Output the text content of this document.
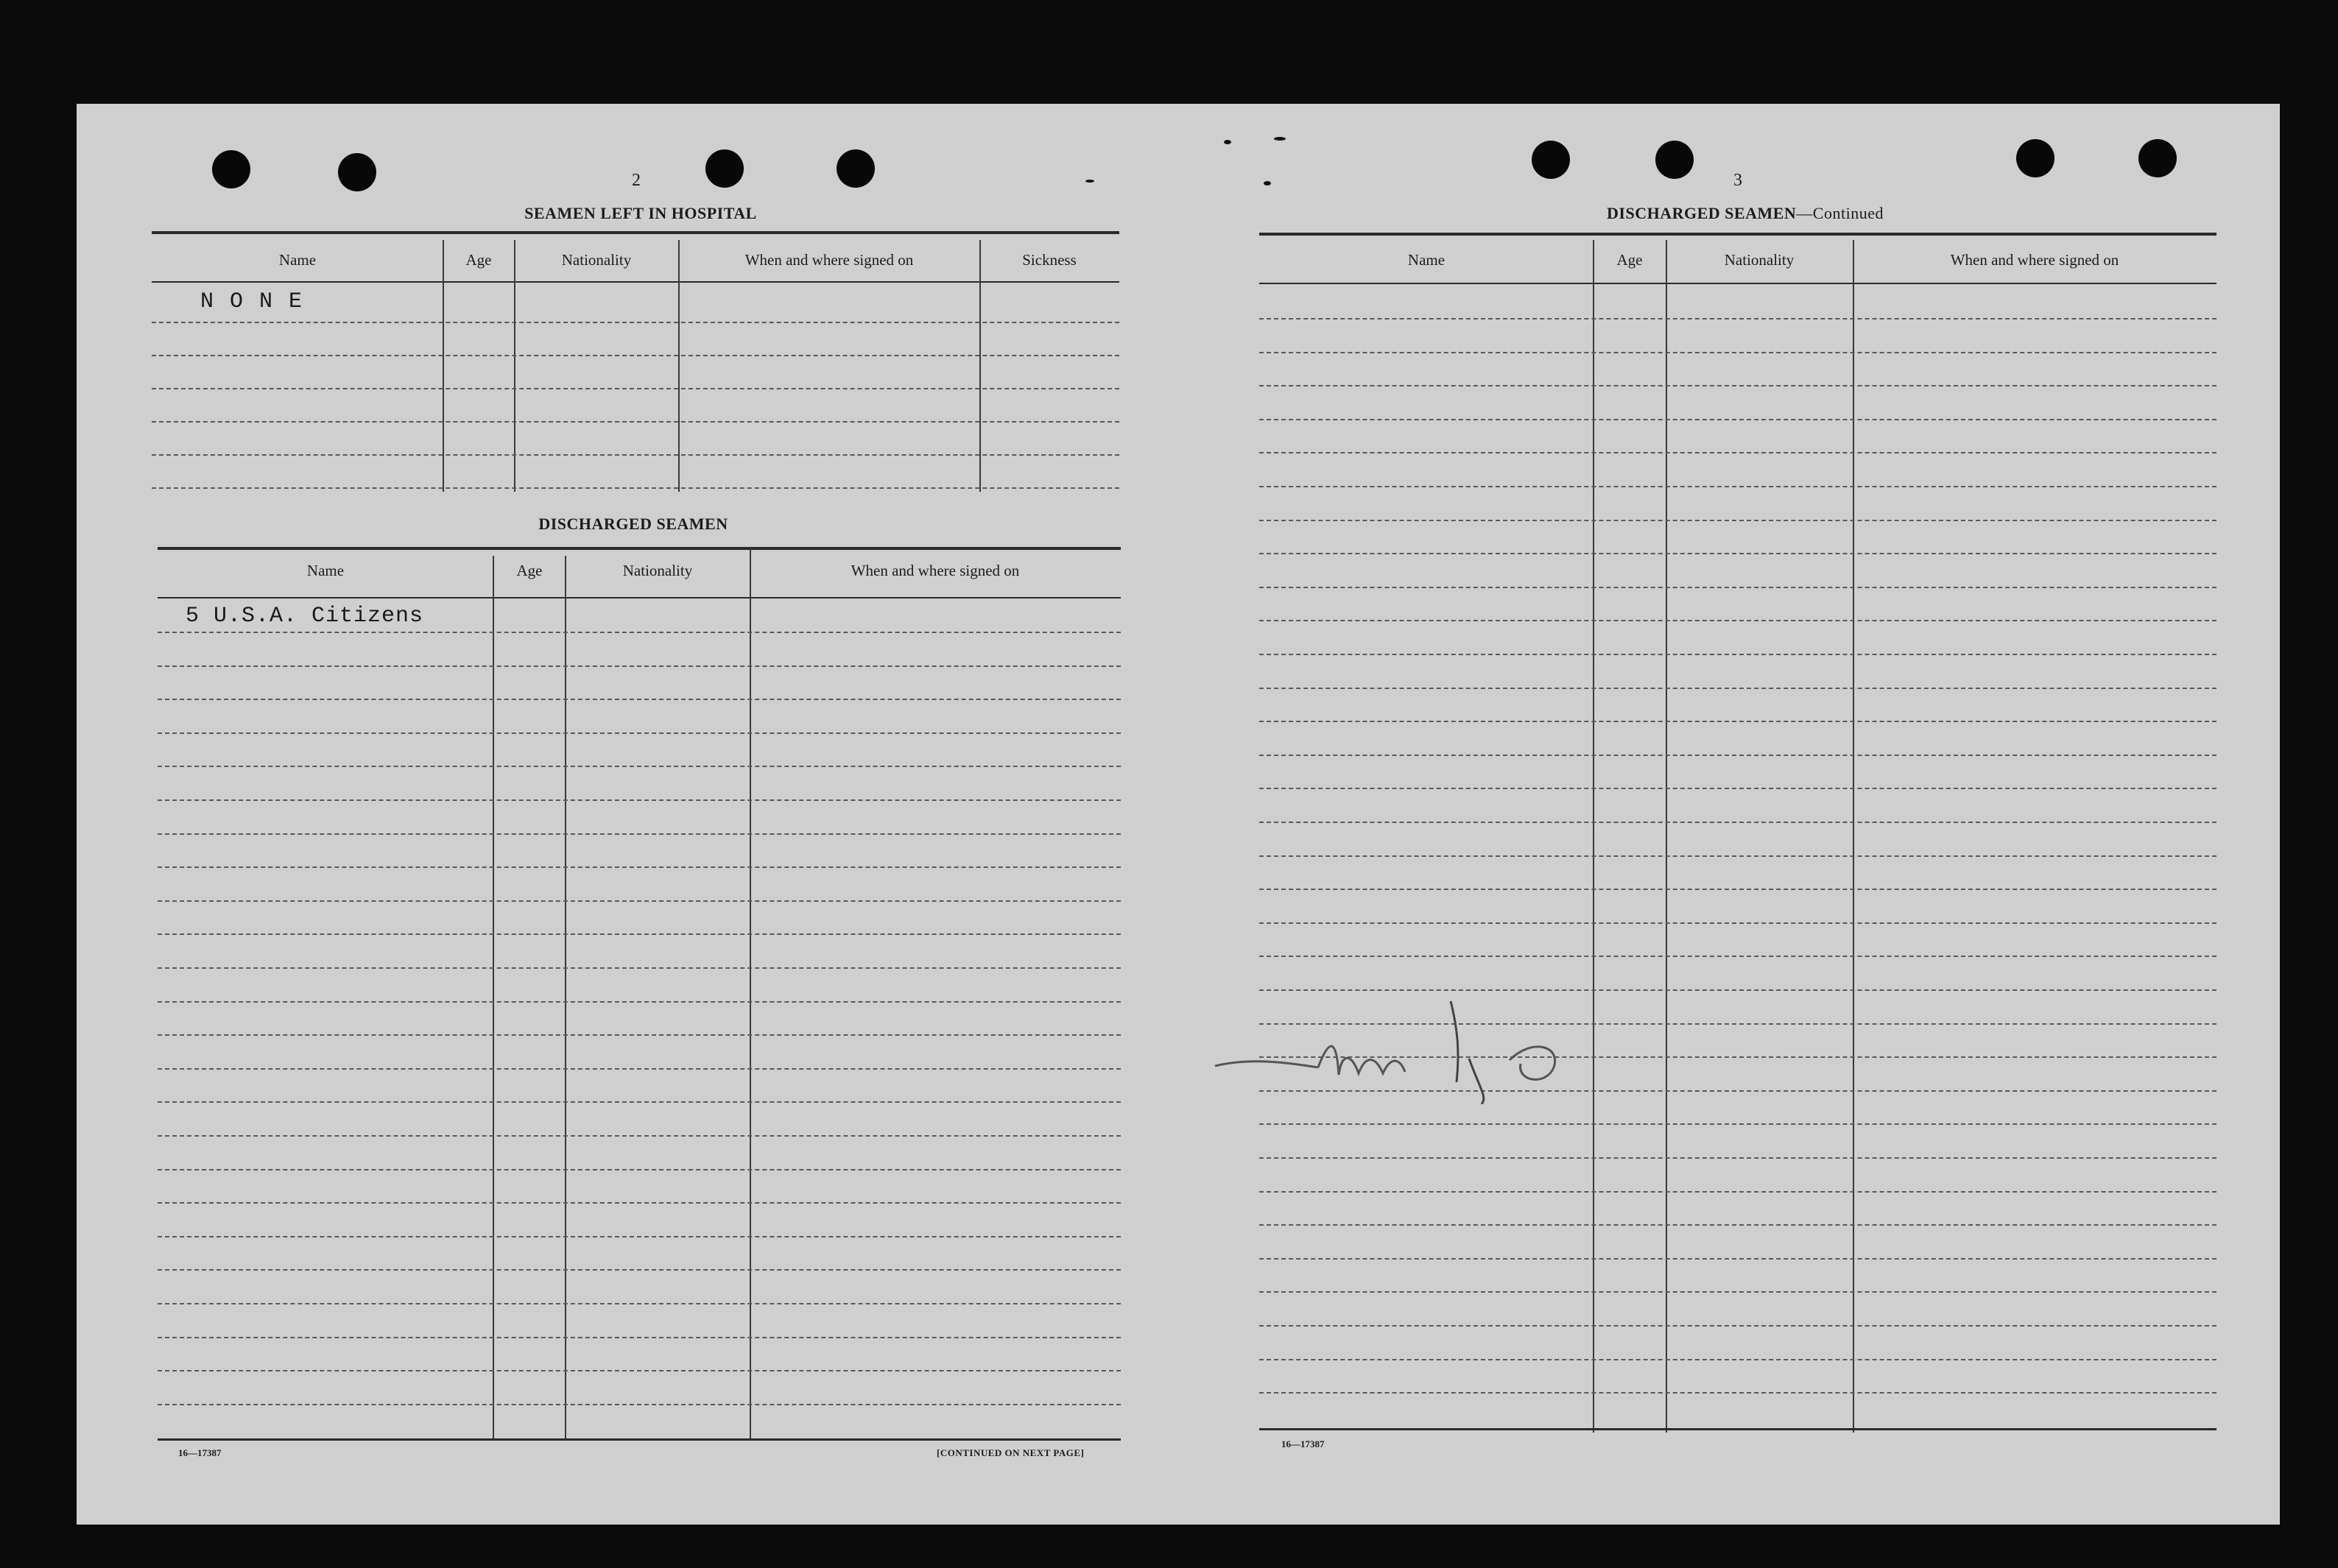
2
SEAMEN LEFT IN HOSPITAL
Name	Age	Nationality	When and where signed on	Sickness
N O N E
DISCHARGED SEAMEN
Name	Age	Nationality	When and where signed on
5 U.S.A. Citizens
16—17387	[CONTINUED ON NEXT PAGE]
3
DISCHARGED SEAMEN—Continued
Name	Age	Nationality	When and where signed on
16—17387
